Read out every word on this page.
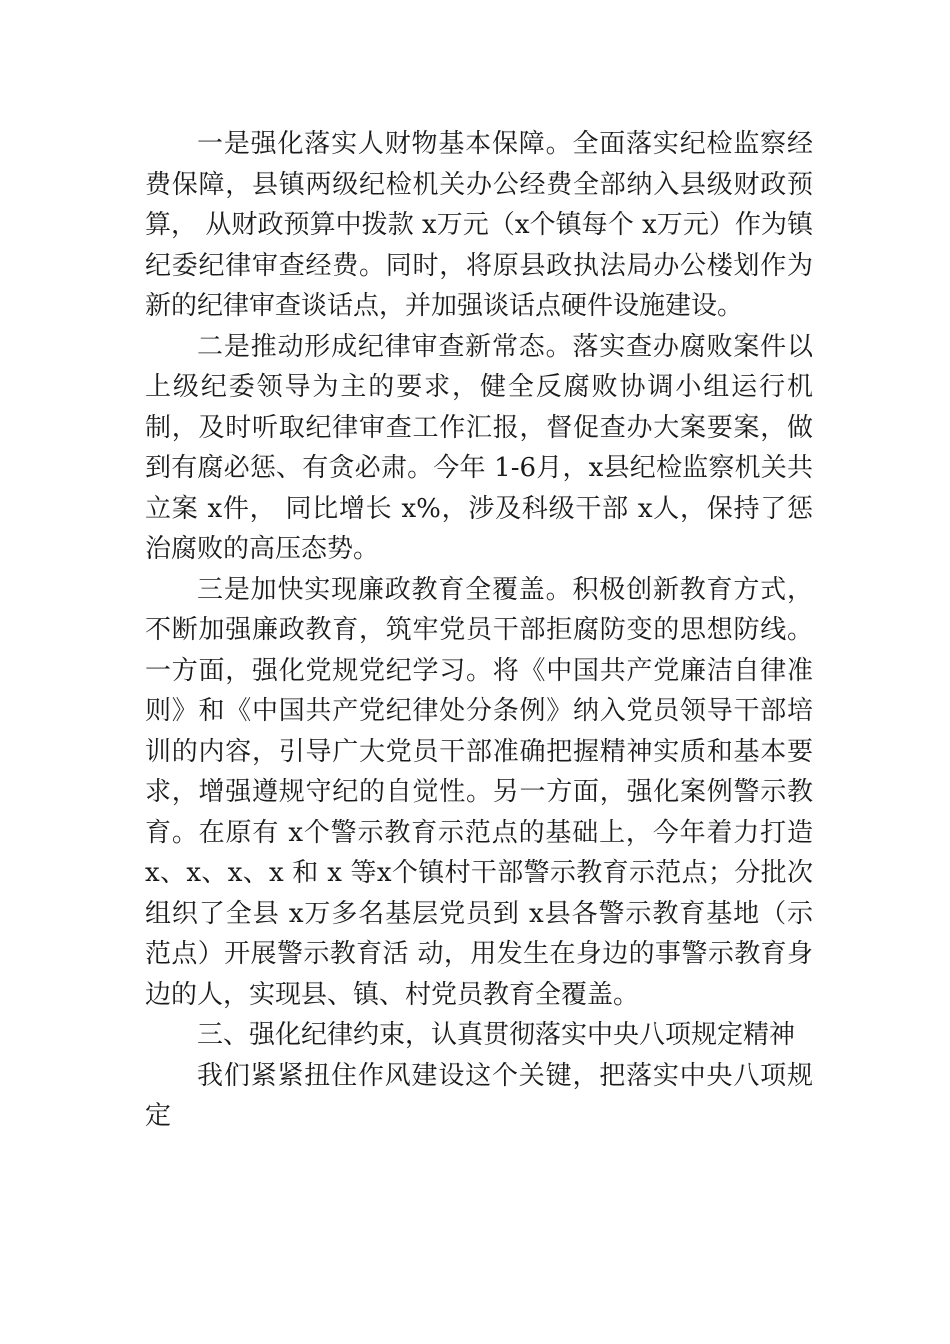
一是强化落实人财物基本保障。全面落实纪检监察经费保障，县镇两级纪检机关办公经费全部纳入县级财政预算， 从财政预算中拨款 x万元（x个镇每个 x万元）作为镇纪委纪律审查经费。同时，将原县政执法局办公楼划作为新的纪律审查谈话点，并加强谈话点硬件设施建设。

二是推动形成纪律审查新常态。落实查办腐败案件以上级纪委领导为主的要求，健全反腐败协调小组运行机制，及时听取纪律审查工作汇报，督促查办大案要案，做到有腐必惩、有贪必肃。今年 1-6月，x县纪检监察机关共立案 x件， 同比增长 x%，涉及科级干部 x人，保持了惩治腐败的高压态势。

三是加快实现廉政教育全覆盖。积极创新教育方式，不断加强廉政教育，筑牢党员干部拒腐防变的思想防线。一方面，强化党规党纪学习。将《中国共产党廉洁自律准则》和《中国共产党纪律处分条例》纳入党员领导干部培训的内容，引导广大党员干部准确把握精神实质和基本要求，增强遵规守纪的自觉性。另一方面，强化案例警示教育。在原有 x个警示教育示范点的基础上，今年着力打造 x、x、x、x 和 x 等x个镇村干部警示教育示范点；分批次组织了全县 x万多名基层党员到 x县各警示教育基地（示范点）开展警示教育活 动，用发生在身边的事警示教育身边的人，实现县、镇、村党员教育全覆盖。

三、强化纪律约束，认真贯彻落实中央八项规定精神

我们紧紧扭住作风建设这个关键，把落实中央八项规定
